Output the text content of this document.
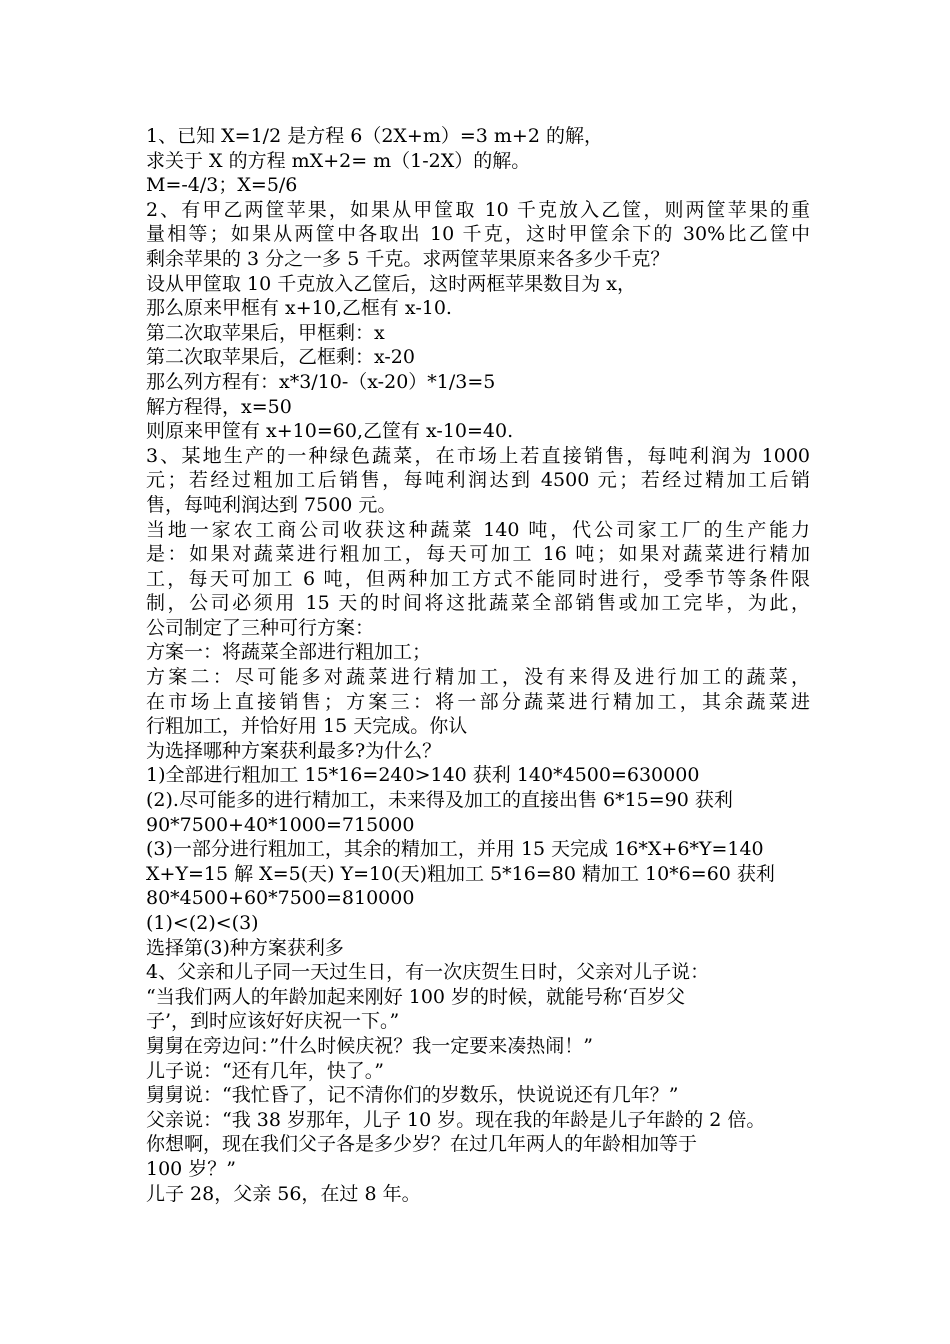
1、已知 X=1/2 是方程 6（2X+m）=3 m+2 的解，
求关于 X 的方程 mX+2= m（1-2X）的解。
M=-4/3；X=5/6
2、有甲乙两筐苹果，如果从甲筐取 10 千克放入乙筐，则两筐苹果的重
量相等；如果从两筐中各取出 10 千克，这时甲筐余下的 30%比乙筐中
剩余苹果的 3 分之一多 5 千克。求两筐苹果原来各多少千克？
设从甲筐取 10 千克放入乙筐后，这时两框苹果数目为 x，
那么原来甲框有 x+10,乙框有 x-10.
第二次取苹果后，甲框剩：x
第二次取苹果后，乙框剩：x-20
那么列方程有：x*3/10-（x-20）*1/3=5
解方程得，x=50
则原来甲筐有 x+10=60,乙筐有 x-10=40.
3、某地生产的一种绿色蔬菜，在市场上若直接销售，每吨利润为 1000
元；若经过粗加工后销售，每吨利润达到 4500 元；若经过精加工后销
售，每吨利润达到 7500 元。
当地一家农工商公司收获这种蔬菜 140 吨，代公司家工厂的生产能力
是：如果对蔬菜进行粗加工，每天可加工 16 吨；如果对蔬菜进行精加
工，每天可加工 6 吨，但两种加工方式不能同时进行，受季节等条件限
制，公司必须用 15 天的时间将这批蔬菜全部销售或加工完毕，为此，
公司制定了三种可行方案：
方案一：将蔬菜全部进行粗加工；
方案二：尽可能多对蔬菜进行精加工，没有来得及进行加工的蔬菜，
在市场上直接销售；方案三：将一部分蔬菜进行精加工，其余蔬菜进
行粗加工，并恰好用 15 天完成。你认
为选择哪种方案获利最多?为什么？
1)全部进行粗加工 15*16=240>140 获利 140*4500=630000
(2).尽可能多的进行精加工，未来得及加工的直接出售 6*15=90 获利
90*7500+40*1000=715000
(3)一部分进行粗加工，其余的精加工，并用 15 天完成 16*X+6*Y=140
X+Y=15 解 X=5(天) Y=10(天)粗加工 5*16=80 精加工 10*6=60 获利
80*4500+60*7500=810000
(1)<(2)<(3)
选择第(3)种方案获利多
4、父亲和儿子同一天过生日，有一次庆贺生日时，父亲对儿子说：
“当我们两人的年龄加起来刚好 100 岁的时候，就能号称‘百岁父
子’，到时应该好好庆祝一下。”
舅舅在旁边问：”什么时候庆祝？我一定要来凑热闹！”
儿子说：“还有几年，快了。”
舅舅说：“我忙昏了，记不清你们的岁数乐，快说说还有几年？”
父亲说：“我 38 岁那年，儿子 10 岁。现在我的年龄是儿子年龄的 2 倍。
你想啊，现在我们父子各是多少岁？在过几年两人的年龄相加等于
100 岁？”
儿子 28，父亲 56，在过 8 年。
